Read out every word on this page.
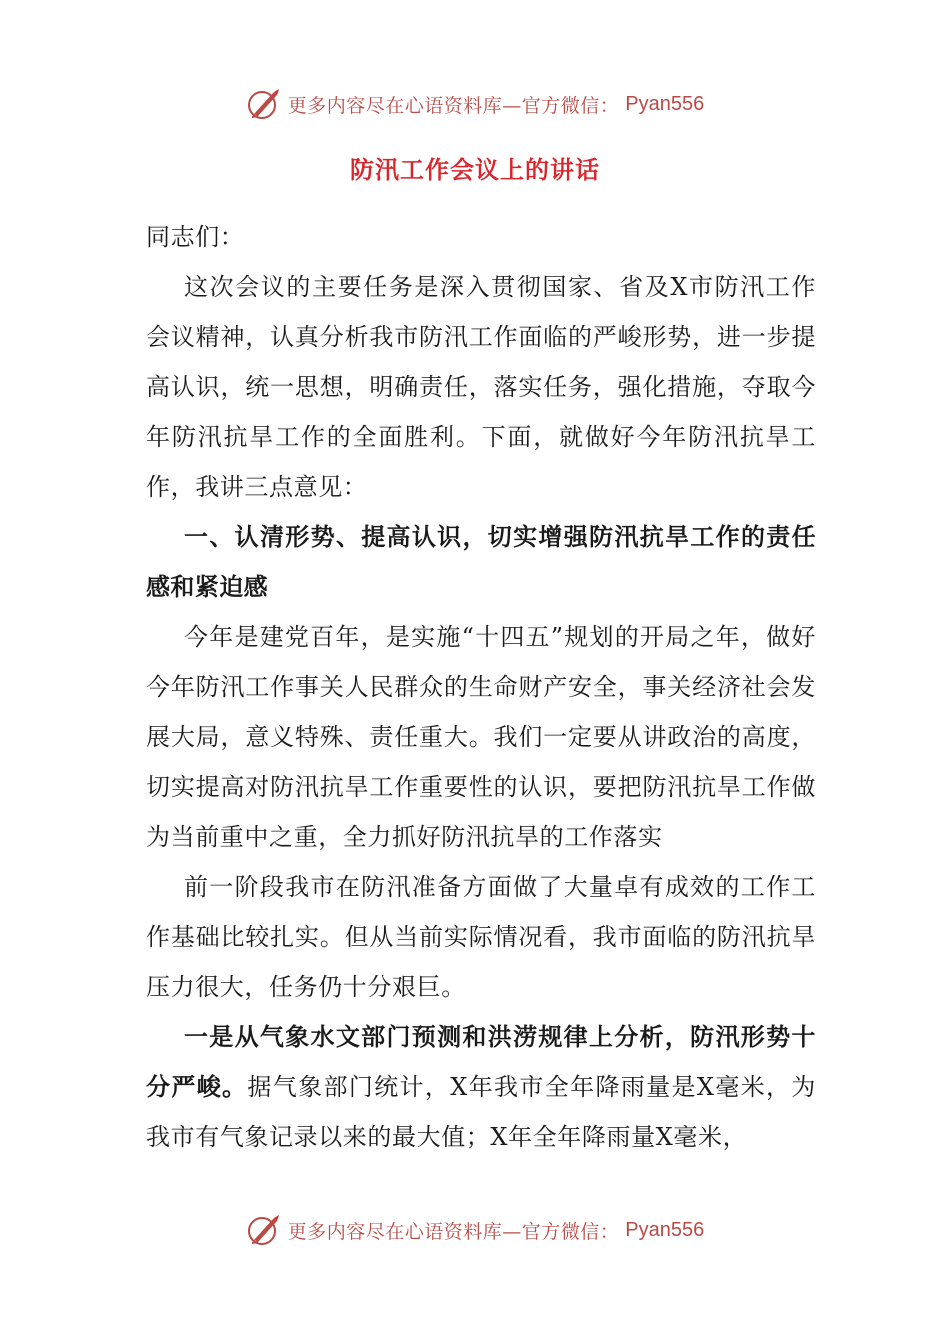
更多内容尽在心语资料库—官方微信： Pyan556
防汛工作会议上的讲话

同志们：

这次会议的主要任务是深入贯彻国家、省及X市防汛工作会议精神，认真分析我市防汛工作面临的严峻形势，进一步提高认识，统一思想，明确责任，落实任务，强化措施，夺取今年防汛抗旱工作的全面胜利。下面，就做好今年防汛抗旱工作，我讲三点意见：

一、认清形势、提高认识，切实增强防汛抗旱工作的责任感和紧迫感

今年是建党百年，是实施“十四五”规划的开局之年，做好今年防汛工作事关人民群众的生命财产安全，事关经济社会发展大局，意义特殊、责任重大。我们一定要从讲政治的高度，切实提高对防汛抗旱工作重要性的认识，要把防汛抗旱工作做为当前重中之重，全力抓好防汛抗旱的工作落实

前一阶段我市在防汛准备方面做了大量卓有成效的工作工作基础比较扎实。但从当前实际情况看，我市面临的防汛抗旱压力很大，任务仍十分艰巨。

一是从气象水文部门预测和洪涝规律上分析，防汛形势十分严峻。据气象部门统计，X年我市全年降雨量是X毫米，为我市有气象记录以来的最大值；X年全年降雨量X毫米，

更多内容尽在心语资料库—官方微信： Pyan556
